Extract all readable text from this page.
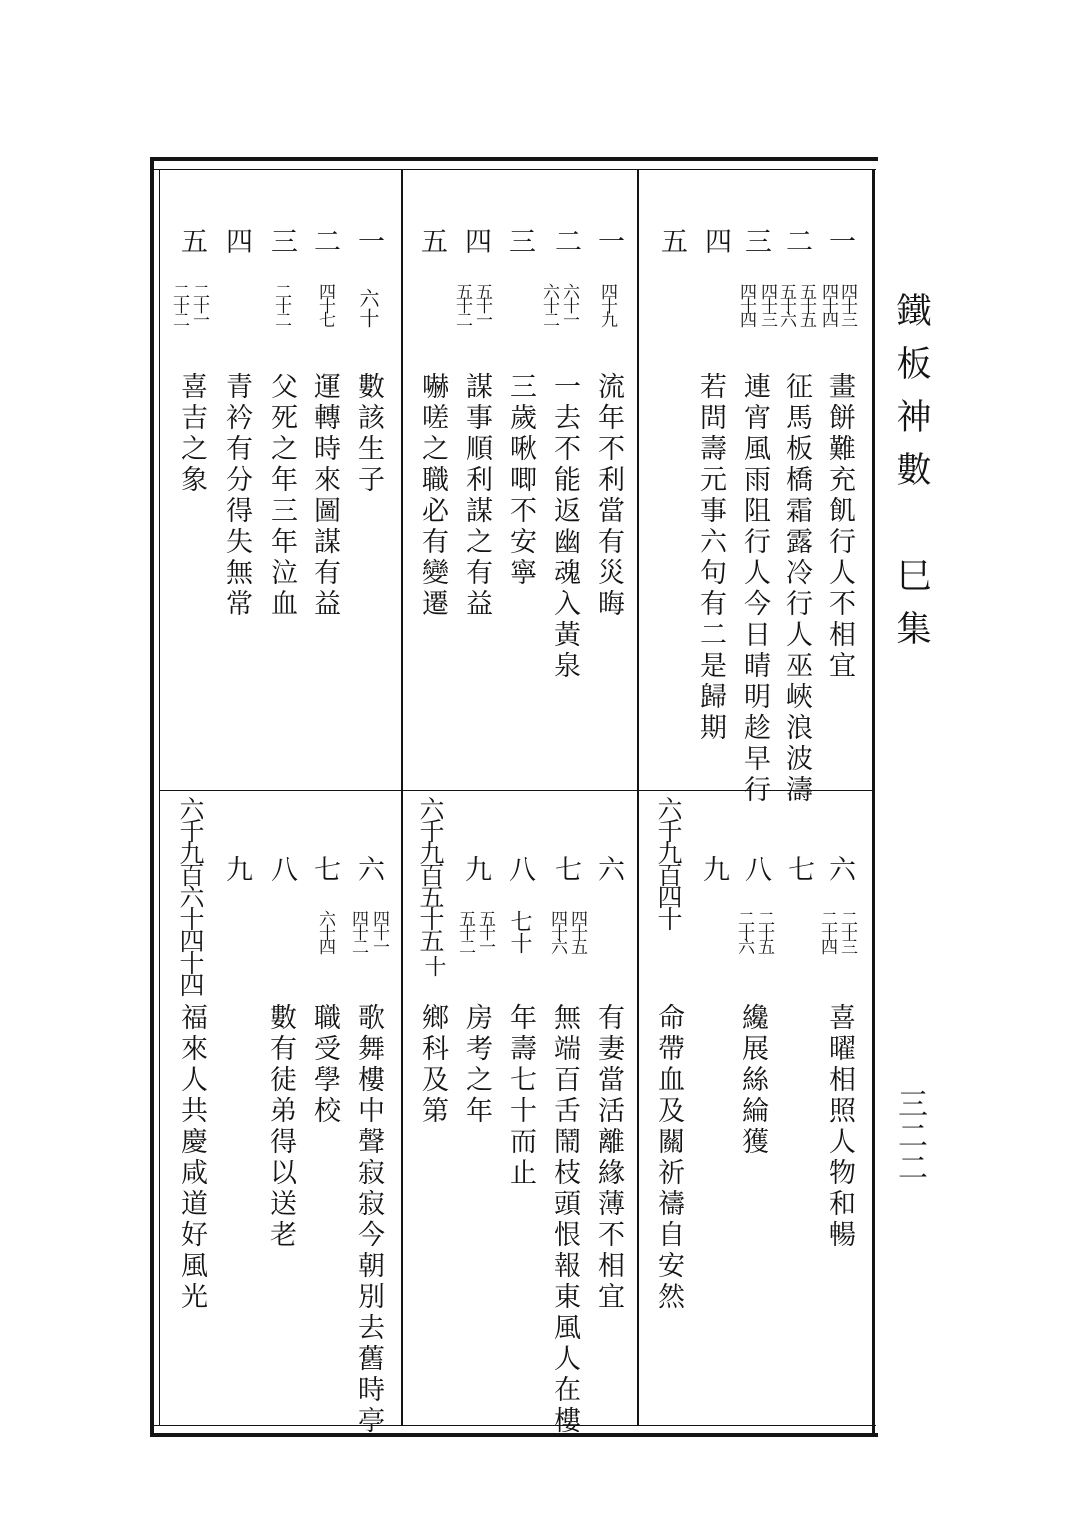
鐵板神數　巳集
三二二
一
四十三
畫餅難充飢行人不相宜
二
四十四
征馬板橋霜露冷行人巫峽浪波濤
三
五十五
四
五十六
連宵風雨阻行人今日晴明趁早行
五
四十三
四十四
若問壽元事六句有二是歸期
六
二十三
喜曜相照人物和暢
二十四
七
八
二十五
纔展絲綸獲
二十六
九
命帶血及關祈禱自安然
六千九百四十
一
四十九
流年不利當有災晦
二
六十一
一去不能返幽魂入黃泉
六十二
三歲啾唧不安寧
三
五十一
謀事順利謀之有益
五十二
四
嚇嗟之職必有變遷
五
六
四十五
有妻當活離緣薄不相宜
四十六
無端百舌鬧枝頭恨報東風人在樓
七
七十
年壽七十而止
八
五十一
房考之年
五十二
九
十
鄉科及第
六千九百五十五
一
六十
數該生子
二
四十七
運轉時來圖謀有益
三
二十二
父死之年三年泣血
四
青衿有分得失無常
五
二十一
二十二
喜吉之象
六
四十一
歌舞樓中聲寂寂今朝別去舊時亭
四十二
七
六十四
職受學校
八
數有徒弟得以送老
九
福來人共慶咸道好風光
六千九百六十四十四
